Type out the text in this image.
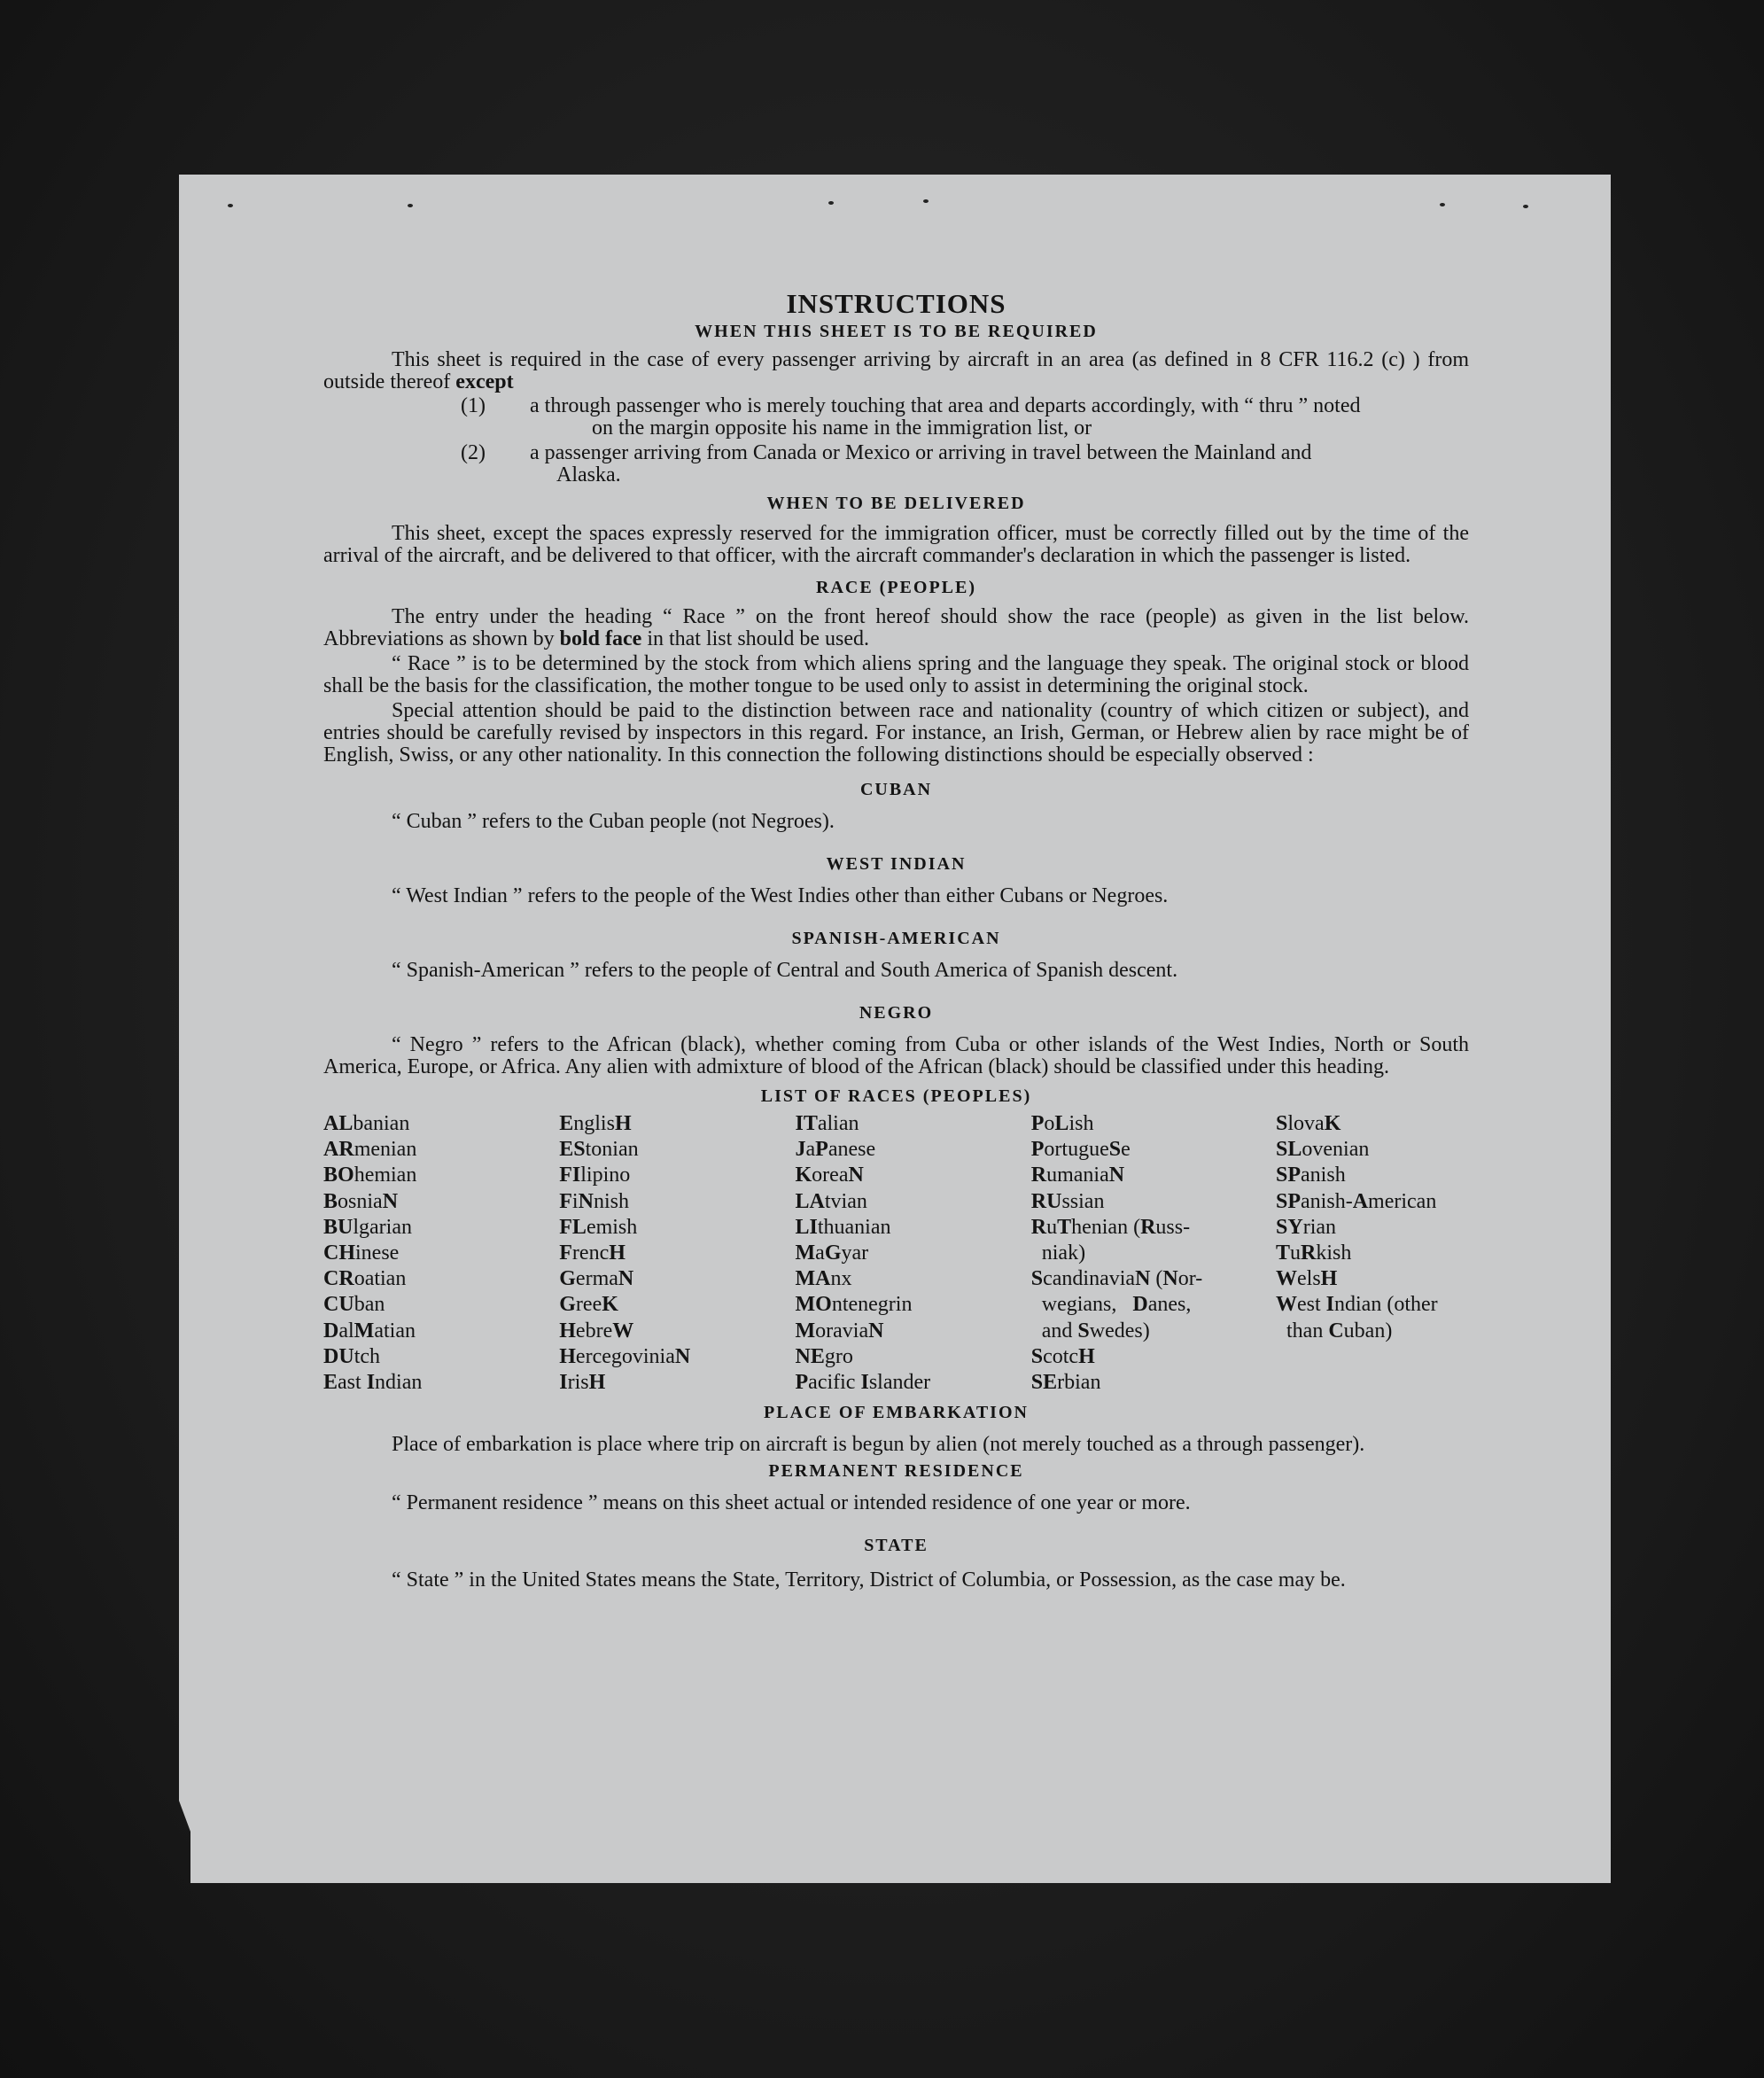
INSTRUCTIONS
WHEN THIS SHEET IS TO BE REQUIRED

This sheet is required in the case of every passenger arriving by aircraft in an area (as defined in 8 CFR 116.2 (c) ) from outside thereof except

(1) a through passenger who is merely touching that area and departs accordingly, with “ thru ” noted
on the margin opposite his name in the immigration list, or
(2) a passenger arriving from Canada or Mexico or arriving in travel between the Mainland and
Alaska.
WHEN TO BE DELIVERED

This sheet, except the spaces expressly reserved for the immigration officer, must be correctly filled out by the time of the arrival of the aircraft, and be delivered to that officer, with the aircraft commander's declaration in which the passenger is listed.

RACE (PEOPLE)

The entry under the heading “ Race ” on the front hereof should show the race (people) as given in the list below. Abbreviations as shown by bold face in that list should be used.

“ Race ” is to be determined by the stock from which aliens spring and the language they speak. The original stock or blood shall be the basis for the classification, the mother tongue to be used only to assist in determining the original stock.

Special attention should be paid to the distinction between race and nationality (country of which citizen or subject), and entries should be carefully revised by inspectors in this regard. For instance, an Irish, German, or Hebrew alien by race might be of English, Swiss, or any other nationality. In this connection the following distinctions should be especially observed :

CUBAN

“ Cuban ” refers to the Cuban people (not Negroes).

WEST INDIAN

“ West Indian ” refers to the people of the West Indies other than either Cubans or Negroes.

SPANISH-AMERICAN

“ Spanish-American ” refers to the people of Central and South America of Spanish descent.

NEGRO

“ Negro ” refers to the African (black), whether coming from Cuba or other islands of the West Indies, North or South America, Europe, or Africa. Any alien with admixture of blood of the African (black) should be classified under this heading.

LIST OF RACES (PEOPLES)
ALbanian
ARmenian
BOhemian
BosniaN
BUlgarian
CHinese
CRoatian
CUban
DalMatian
DUtch
East Indian
EnglisH
EStonian
FIlipino
FiNnish
FLemish
FrencH
GermaN
GreeK
HebreW
HercegoviniaN
IrisH
ITalian
JaPanese
KoreaN
LAtvian
LIthuanian
MaGyar
MAnx
MOntenegrin
MoraviaN
NEgro
Pacific Islander
PoLish
PortugueSe
RumaniaN
RUssian
RuThenian (Russ-
niak)
ScandinaviaN (Nor-
wegians,   Danes,
and Swedes)
ScotcH
SErbian
SlovaK
SLovenian
SPanish
SPanish-American
SYrian
TuRkish
WelsH
West Indian (other
than Cuban)
PLACE OF EMBARKATION

Place of embarkation is place where trip on aircraft is begun by alien (not merely touched as a through passenger).

PERMANENT RESIDENCE

“ Permanent residence ” means on this sheet actual or intended residence of one year or more.

STATE

“ State ” in the United States means the State, Territory, District of Columbia, or Possession, as the case may be.
